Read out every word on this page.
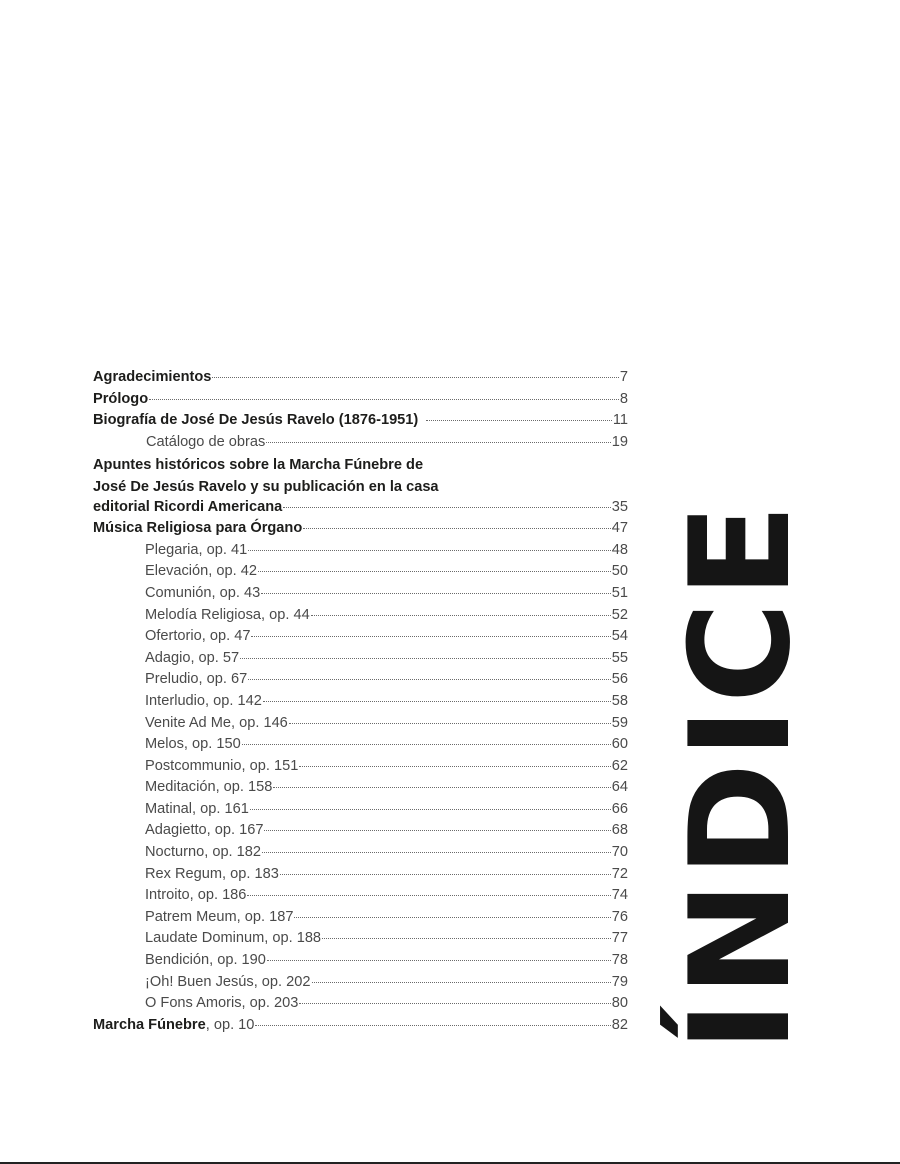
Agradecimientos	7
Prólogo	8
Biografía de José De Jesús Ravelo (1876-1951)	11
Catálogo de obras	19
Apuntes históricos sobre la Marcha Fúnebre de
José De Jesús Ravelo y su publicación en la casa
editorial Ricordi Americana	35
Música Religiosa para Órgano	47
Plegaria, op. 41	48
Elevación, op. 42	50
Comunión, op. 43	51
Melodía Religiosa, op. 44	52
Ofertorio, op. 47	54
Adagio, op. 57	55
Preludio, op. 67	56
Interludio, op. 142	58
Venite Ad Me, op. 146	59
Melos, op. 150	60
Postcommunio, op. 151	62
Meditación, op. 158	64
Matinal, op. 161	66
Adagietto, op. 167	68
Nocturno, op. 182	70
Rex Regum, op. 183	72
Introito, op. 186	74
Patrem Meum, op. 187	76
Laudate Dominum, op. 188	77
Bendición, op. 190	78
¡Oh! Buen Jesús, op. 202	79
O Fons Amoris, op. 203	80
Marcha Fúnebre, op. 10	82 ÍNDICE
